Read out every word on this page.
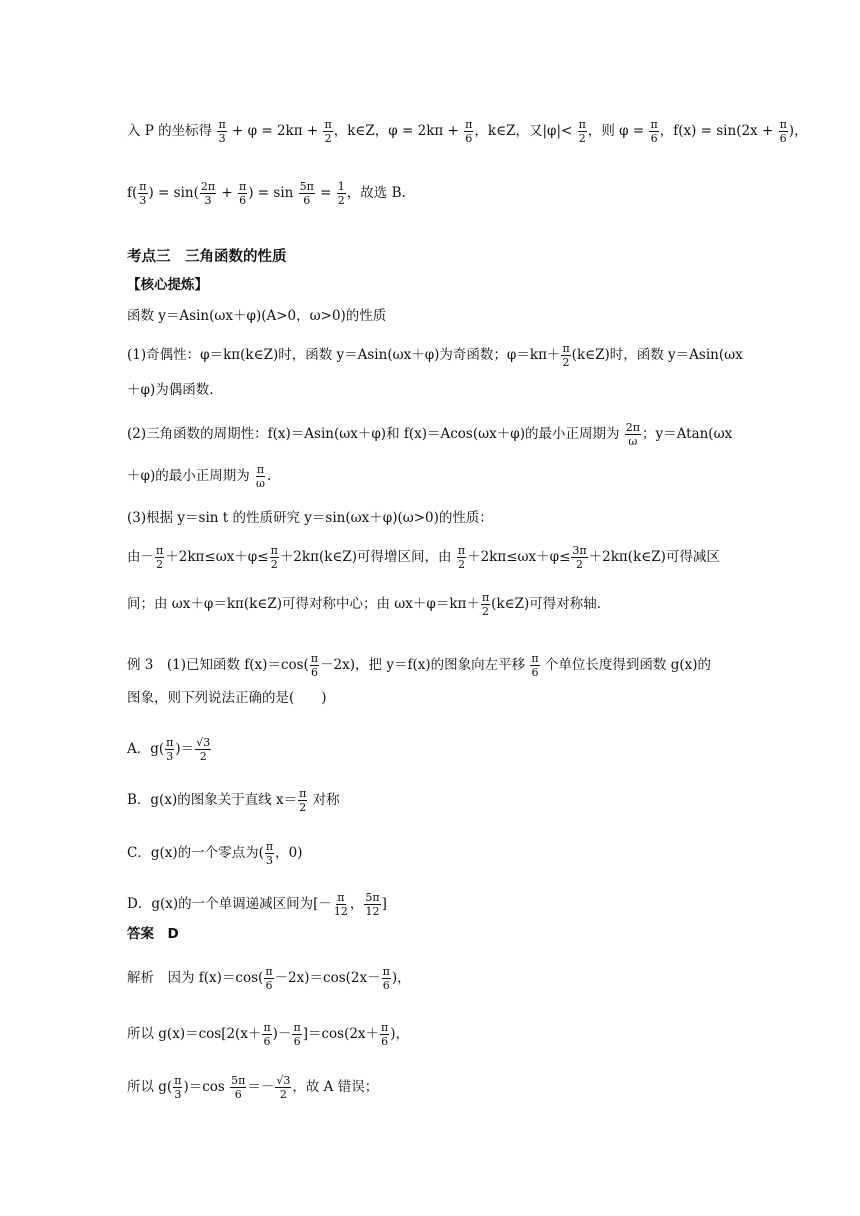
入 P 的坐标得 $\frac{\pi}{3} + \varphi = 2k\pi + \frac{\pi}{2}$ ，k∈Z，$\varphi = 2k\pi + \frac{\pi}{6}$ ，k∈Z，又$|\varphi|< \frac{\pi}{2}$ ，则 $\varphi = \frac{\pi}{6}$ ，$f(x) = \sin(2x + \frac{\pi}{6}$ )，
$f( \frac{\pi}{3}$ ) = $\sin( \frac{2\pi}{3} + \frac{\pi}{6}$ ) = $\sin \frac{5\pi}{6} = \frac{1}{2}$ ，故选 B.
考点三　三角函数的性质
【核心提炼】
函数 y＝Asin(ωx＋φ)(A>0，ω>0)的性质
(1)奇偶性：φ＝kπ(k∈Z)时，函数 y＝Asin(ωx＋φ)为奇函数；$\varphi=k\pi+ \frac{\pi}{2}$ (k∈Z)时，函数 y＝Asin(ωx
＋φ)为偶函数.
(2)三角函数的周期性：f(x)＝Asin(ωx＋φ)和 f(x)＝Acos(ωx＋φ)的最小正周期为 $\frac{2\pi}{\omega}$ ；y＝Atan(ωx
＋φ)的最小正周期为 $\frac{\pi}{\omega}$ .
(3)根据 y＝sin t 的性质研究 y＝sin(ωx＋φ)(ω>0)的性质：
由－ $\frac{\pi}{2} +2k\pi\le\omega x+\varphi\le \frac{\pi}{2}$ ＋2kπ(k∈Z)可得增区间，由 $\frac{\pi}{2} +2k\pi\le\omega x+\varphi\le \frac{3\pi}{2}$ ＋2kπ(k∈Z)可得减区
间；由 ωx＋φ＝kπ(k∈Z)可得对称中心；由 $\omega x+\varphi=k\pi+ \frac{\pi}{2}$ (k∈Z)可得对称轴.
例 3　(1)已知函数 $f(x)=\cos( \frac{\pi}{6} -2x)$，把 y＝f(x)的图象向左平移 $\frac{\pi}{6}$ 个单位长度得到函数 g(x)的
图象，则下列说法正确的是(　　)
A．$g( \frac{\pi}{3}$ )＝ $\frac{√3}{2}$
B．g(x)的图象关于直线 $x= \frac{\pi}{2}$ 对称
C．g(x)的一个零点为( $\frac{\pi}{3}$ ，0)
D．g(x)的一个单调递减区间为[－ $\frac{\pi}{12}$ ， $\frac{5\pi}{12}$ ]
答案　D
解析　因为 $f(x)=\cos( \frac{\pi}{6} -2x)=\cos(2x- \frac{\pi}{6}$ )，
所以 $g(x)=\cos[2(x+ \frac{\pi}{6}$ )－ $\frac{\pi}{6} ]=\cos(2x+ \frac{\pi}{6}$ )，
所以 $g( \frac{\pi}{3} )=\cos \frac{5\pi}{6} =- \frac{√3}{2}$ ，故 A 错误；
